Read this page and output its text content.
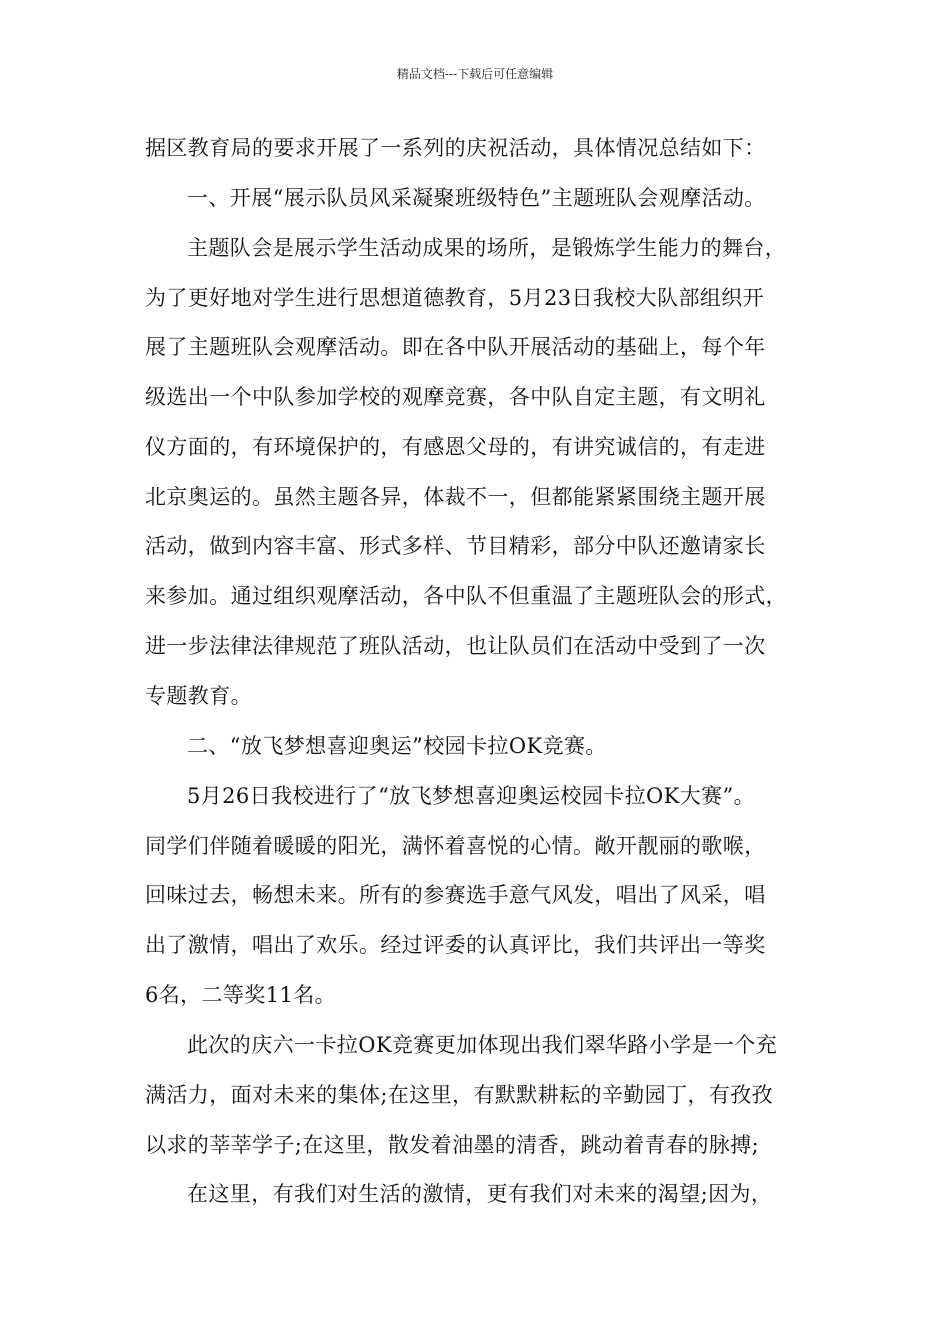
精品文档---下载后可任意编辑
据区教育局的要求开展了一系列的庆祝活动，具体情况总结如下：
一、开展“展示队员风采凝聚班级特色”主题班队会观摩活动。
主题队会是展示学生活动成果的场所，是锻炼学生能力的舞台，
为了更好地对学生进行思想道德教育，5月23日我校大队部组织开
展了主题班队会观摩活动。即在各中队开展活动的基础上，每个年
级选出一个中队参加学校的观摩竞赛，各中队自定主题，有文明礼
仪方面的，有环境保护的，有感恩父母的，有讲究诚信的，有走进
北京奥运的。虽然主题各异，体裁不一，但都能紧紧围绕主题开展
活动，做到内容丰富、形式多样、节目精彩，部分中队还邀请家长
来参加。通过组织观摩活动，各中队不但重温了主题班队会的形式，
进一步法律法律规范了班队活动，也让队员们在活动中受到了一次
专题教育。
二、“放飞梦想喜迎奥运”校园卡拉OK竞赛。
5月26日我校进行了“放飞梦想喜迎奥运校园卡拉OK大赛”。
同学们伴随着暖暖的阳光，满怀着喜悦的心情。敞开靓丽的歌喉，
回味过去，畅想未来。所有的参赛选手意气风发，唱出了风采，唱
出了激情，唱出了欢乐。经过评委的认真评比，我们共评出一等奖
6名，二等奖11名。
此次的庆六一卡拉OK竞赛更加体现出我们翠华路小学是一个充
满活力，面对未来的集体;在这里，有默默耕耘的辛勤园丁，有孜孜
以求的莘莘学子;在这里，散发着油墨的清香，跳动着青春的脉搏;
在这里，有我们对生活的激情，更有我们对未来的渴望;因为，
